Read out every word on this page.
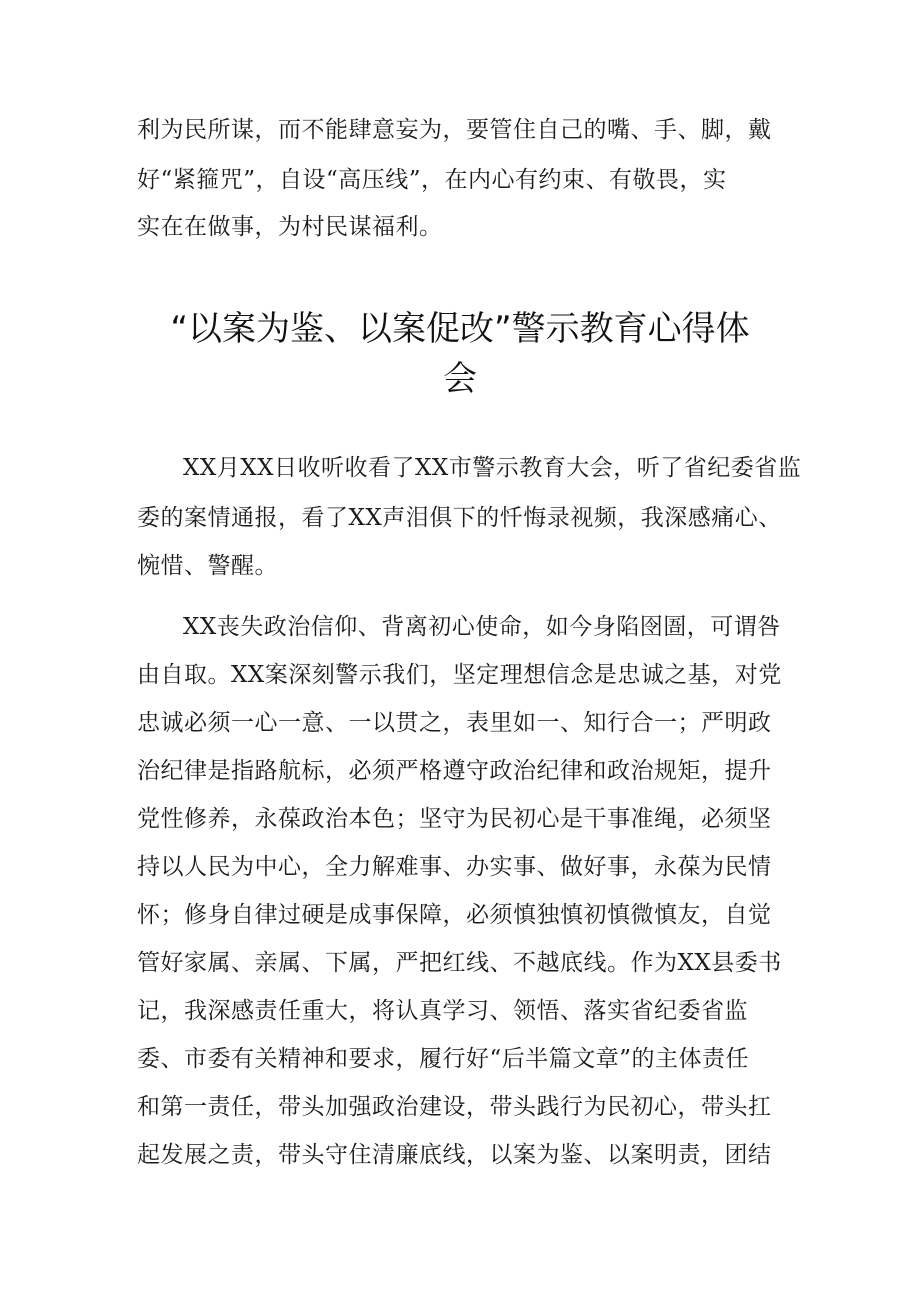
利为民所谋，而不能肆意妄为，要管住自己的嘴、手、脚，戴
好“紧箍咒”，自设“高压线”，在内心有约束、有敬畏，实
实在在做事，为村民谋福利。
“以案为鉴、以案促改”警示教育心得体
会
XX月XX日收听收看了XX市警示教育大会，听了省纪委省监
委的案情通报，看了XX声泪俱下的忏悔录视频，我深感痛心、
惋惜、警醒。
XX丧失政治信仰、背离初心使命，如今身陷囹圄，可谓咎
由自取。XX案深刻警示我们，坚定理想信念是忠诚之基，对党
忠诚必须一心一意、一以贯之，表里如一、知行合一；严明政
治纪律是指路航标，必须严格遵守政治纪律和政治规矩，提升
党性修养，永葆政治本色；坚守为民初心是干事准绳，必须坚
持以人民为中心，全力解难事、办实事、做好事，永葆为民情
怀；修身自律过硬是成事保障，必须慎独慎初慎微慎友，自觉
管好家属、亲属、下属，严把红线、不越底线。作为XX县委书
记，我深感责任重大，将认真学习、领悟、落实省纪委省监
委、市委有关精神和要求，履行好“后半篇文章”的主体责任
和第一责任，带头加强政治建设，带头践行为民初心，带头扛
起发展之责，带头守住清廉底线，以案为鉴、以案明责，团结
